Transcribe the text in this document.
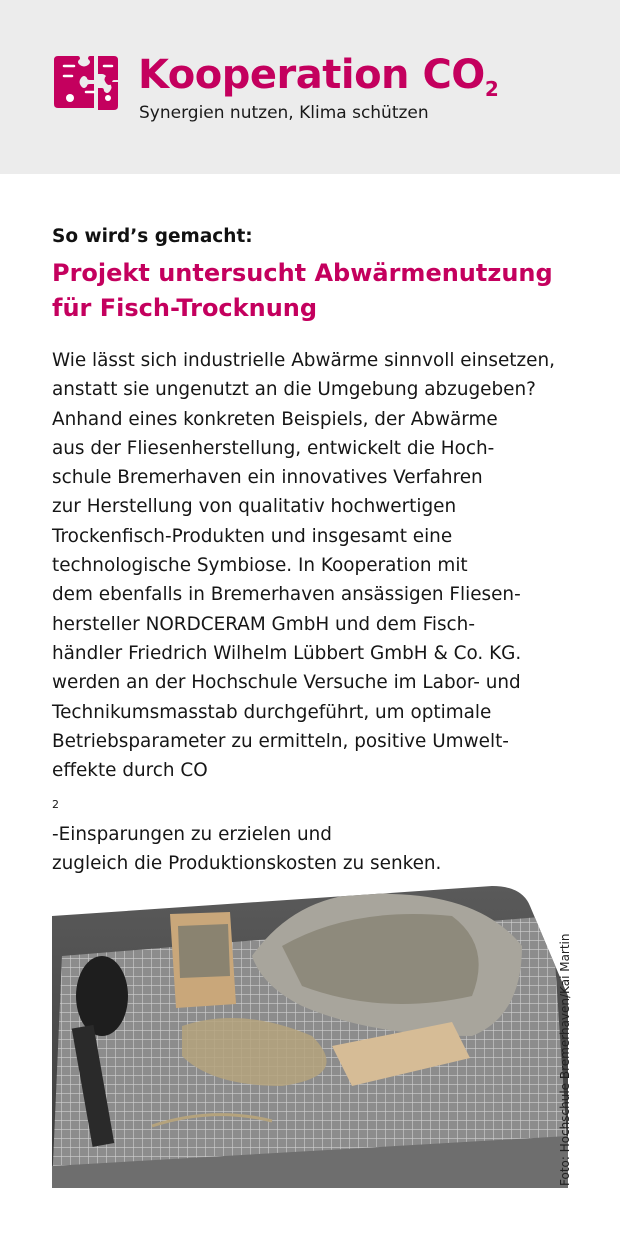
Kooperation $CO_2$
Synergien nutzen, Klima schützen
So wird’s gemacht:
Projekt untersucht Abwärmenutzung
für Fisch-Trocknung

Wie lässt sich industrielle Abwärme sinnvoll einsetzen,
anstatt sie ungenutzt an die Umgebung abzugeben?
Anhand eines konkreten Beispiels, der Abwärme
aus der Fliesenherstellung, entwickelt die Hoch-
schule Bremerhaven ein innovatives Verfahren
zur Herstellung von qualitativ hochwertigen
Trockenfisch-Produkten und insgesamt eine
technologische Symbiose. In Kooperation mit
dem ebenfalls in Bremerhaven ansässigen Fliesen-
hersteller NORDCERAM GmbH und dem Fisch-
händler Friedrich Wilhelm Lübbert GmbH & Co. KG.
werden an der Hochschule Versuche im Labor- und
Technikumsmasstab durchgeführt, um optimale
Betriebsparameter zu ermitteln, positive Umwelt-
effekte durch CO
$_2$
-Einsparungen zu erzielen und
zugleich die Produktionskosten zu senken.

Foto: Hochschule Bremerhaven/Kai Martin
